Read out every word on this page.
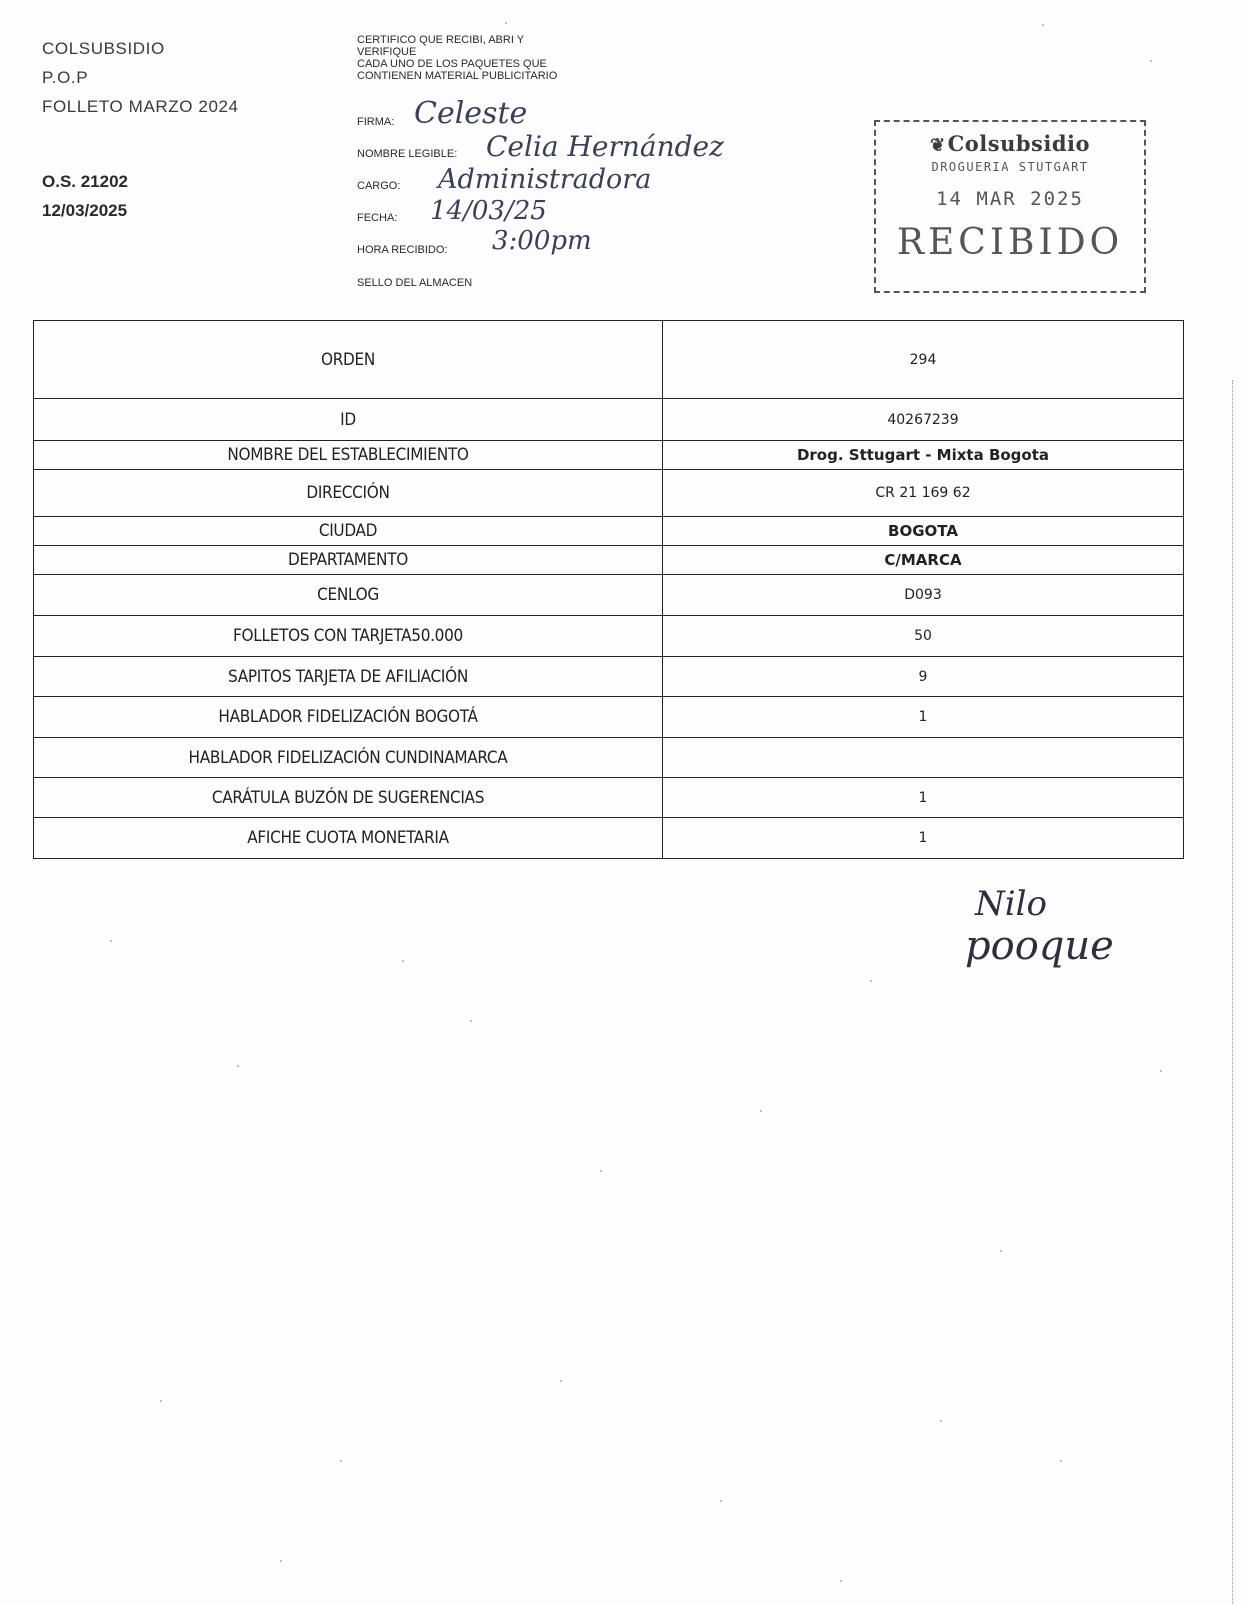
COLSUBSIDIO
P.O.P
FOLLETO MARZO 2024
O.S. 21202
12/03/2025
CERTIFICO QUE RECIBI, ABRI Y
VERIFIQUE
CADA UNO DE LOS PAQUETES QUE
CONTIENEN MATERIAL PUBLICITARIO
FIRMA: Celeste
NOMBRE LEGIBLE: Celia Hernández
CARGO: Administradora
FECHA: 14/03/25
HORA RECIBIDO: 3:00pm
SELLO DEL ALMACEN
❦Colsubsidio
DROGUERIA STUTGART
14 MAR 2025
RECIBIDO
ORDEN	294
ID	40267239
NOMBRE DEL ESTABLECIMIENTO	Drog. Sttugart - Mixta Bogota
DIRECCIÓN	CR 21 169 62
CIUDAD	BOGOTA
DEPARTAMENTO	C/MARCA
CENLOG	D093
FOLLETOS CON TARJETA50.000	50
SAPITOS TARJETA DE AFILIACIÓN	9
HABLADOR FIDELIZACIÓN BOGOTÁ	1
HABLADOR FIDELIZACIÓN CUNDINAMARCA	
CARÁTULA BUZÓN DE SUGERENCIAS	1
AFICHE CUOTA MONETARIA	1
Nilo
pooque
